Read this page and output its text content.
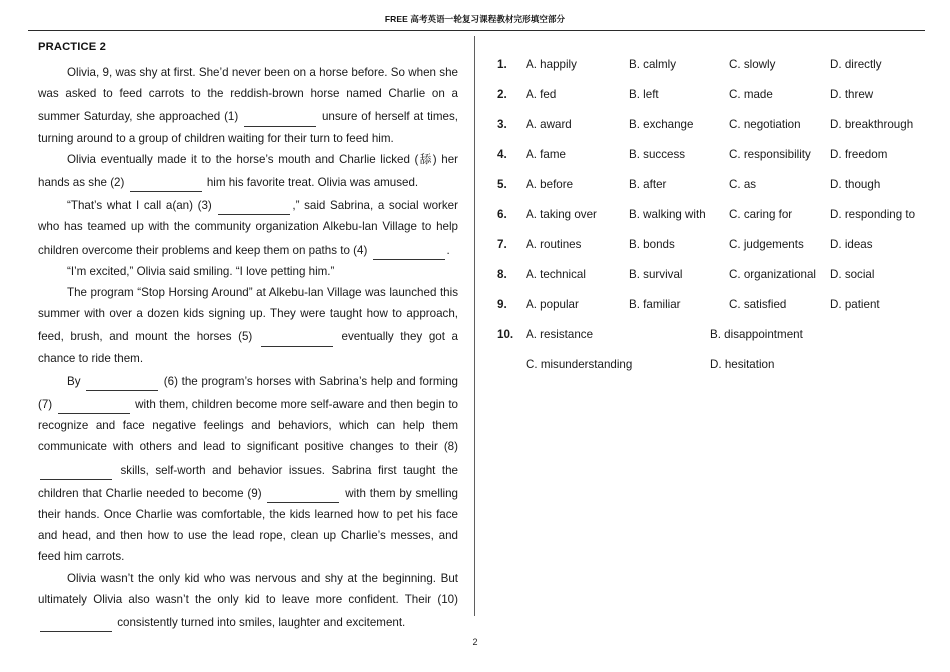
FREE 高考英语一轮复习课程教材完形填空部分
PRACTICE 2
Olivia, 9, was shy at first. She’d never been on a horse before. So when she was asked to feed carrots to the reddish-brown horse named Charlie on a summer Saturday, she approached (1)	unsure of herself at times, turning around to a group of children waiting for their turn to feed him.
Olivia eventually made it to the horse’s mouth and Charlie licked (舔) her hands as she (2)	him his favorite treat. Olivia was amused.
“That’s what I call a(an) (3)	,” said Sabrina, a social worker who has teamed up with the community organization Alkebu-lan Village to help children overcome their problems and keep them on paths to (4)	.
“I’m excited,” Olivia said smiling. “I love petting him.”
The program “Stop Horsing Around” at Alkebu-lan Village was launched this summer with over a dozen kids signing up. They were taught how to approach, feed, brush, and mount the horses (5)	eventually they got a chance to ride them.
By	(6) the program’s horses with Sabrina’s help and forming (7)	with them, children become more self-aware and then begin to recognize and face negative feelings and behaviors, which can help them communicate with others and lead to significant positive changes to their (8)   skills, self-worth and behavior issues. Sabrina first taught the children that Charlie needed to become (9)	with them by smelling their hands. Once Charlie was comfortable, the kids learned how to pet his face and head, and then how to use the lead rope, clean up Charlie’s messes, and feed him carrots.
Olivia wasn’t the only kid who was nervous and shy at the beginning. But ultimately Olivia also wasn’t the only kid to leave more confident. Their (10)   consistently turned into smiles, laughter and excitement.
1.	A. happily	B. calmly	C. slowly	D. directly
2.	A. fed	B. left	C. made	D. threw
3.	A. award	B. exchange	C. negotiation	D. breakthrough
4.	A. fame	B. success	C. responsibility D. freedom
5.	A. before	B. after	C. as	D. though
6.	A. taking over	B. walking with C. caring for	D. responding to
7.	A. routines	B. bonds	C. judgements D. ideas
8.	A. technical	B. survival	C. organizational D. social
9.	A. popular	B. familiar	C. satisfied	D. patient
10.	A. resistance	B. disappointment
C. misunderstanding	D. hesitation
2
